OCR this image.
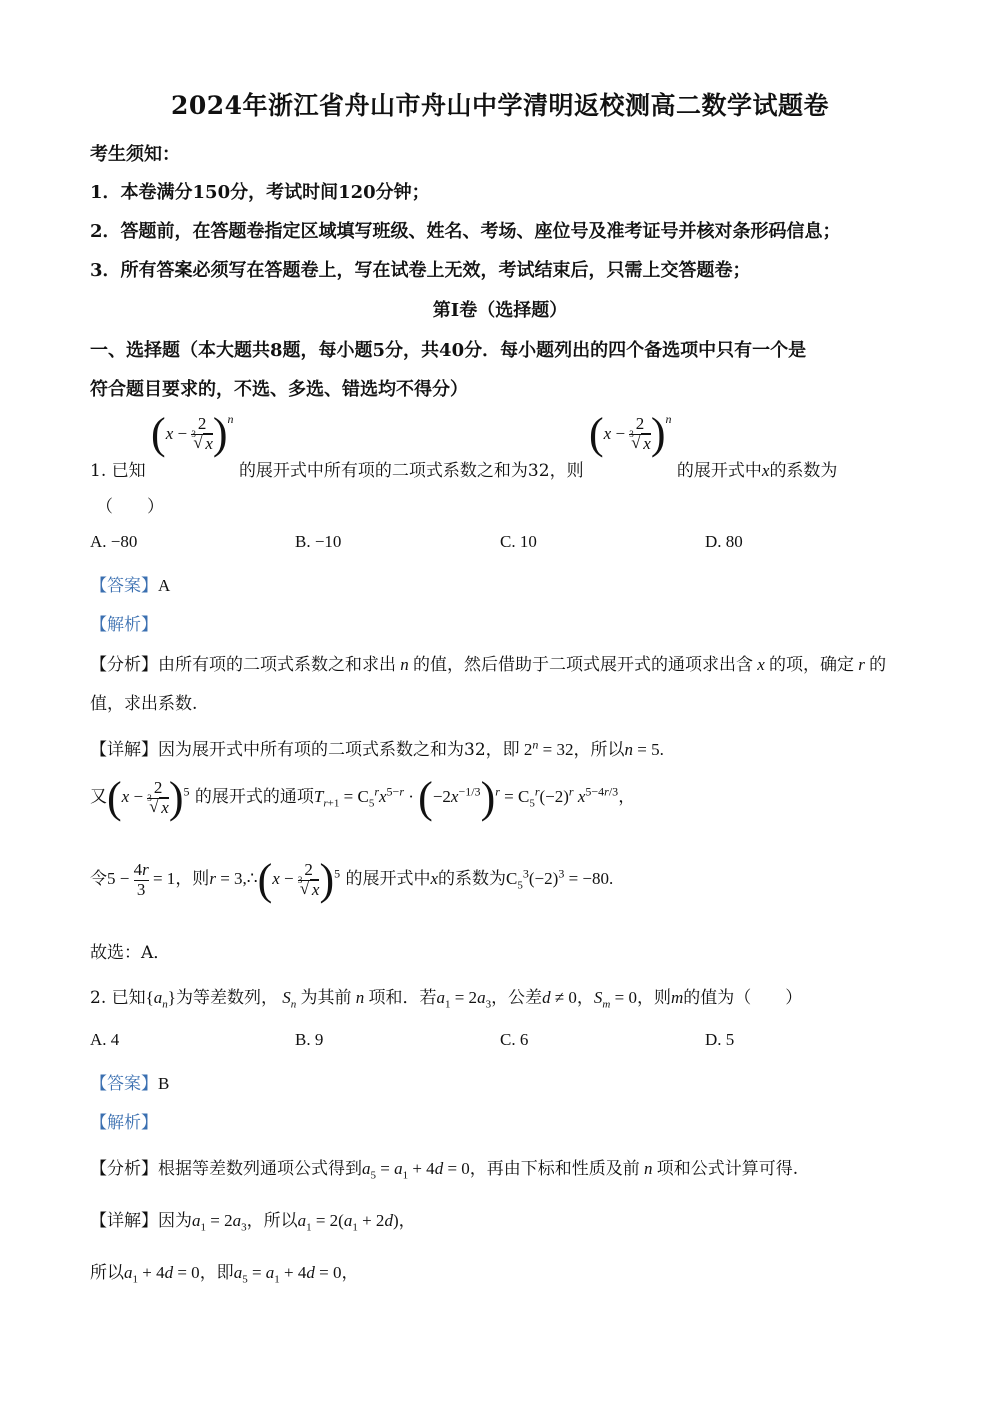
2024年浙江省舟山市舟山中学清明返校测高二数学试题卷
考生须知：
1．本卷满分150分，考试时间120分钟；
2．答题前，在答题卷指定区域填写班级、姓名、考场、座位号及准考证号并核对条形码信息；
3．所有答案必须写在答题卷上，写在试卷上无效，考试结束后，只需上交答题卷；
第Ⅰ卷（选择题）
一、选择题（本大题共8题，每小题5分，共40分．每小题列出的四个备选项中只有一个是
符合题目要求的，不选、多选、错选均不得分）
1. 已知 (x − 2
√ 3 x )$^n$ 的展开式中所有项的二项式系数之和为32，则 (x − 2
√ 3 x )$^n$ 的展开式中x的系数为
（　　）
A. −80	B. −10	C. 10	D. 80
【答案】A
【解析】
【分析】由所有项的二项式系数之和求出 n 的值，然后借助于二项式展开式的通项求出含 x 的项，确定 r 的
值，求出系数.
【详解】因为展开式中所有项的二项式系数之和为32，即 $2^n = 32$，所以n = 5.
又(x − 2
√ 3 x )$^5$ 的展开式的通项$T_{r+1} = C_5^rx^{5-r} \cdot (-2x^{-1/3})^r = C_5^r(-2)^r$ $x^{5-4r/3}$，
令$5 - \frac{4r}{3} = 1$，则r = 3,∴(x − 2
√ 3 x )$^5$ 的展开式中x的系数为$C_5^3(-2)^3 = -80$.
故选：A．
2. 已知$\{a_n\}$为等差数列， $S_n$ 为其前 n 项和．若$a_1 = 2a_3$，公差d ≠ 0，$S_m = 0$，则m的值为（　　）
A. 4	B. 9	C. 6	D. 5
【答案】B
【解析】
【分析】根据等差数列通项公式得到$a_5 = a_1 + 4d = 0$，再由下标和性质及前 n 项和公式计算可得.
【详解】因为$a_1 = 2a_3$，所以$a_1 = 2(a_1 + 2d)$，
所以$a_1 + 4d = 0$，即$a_5 = a_1 + 4d = 0$，
